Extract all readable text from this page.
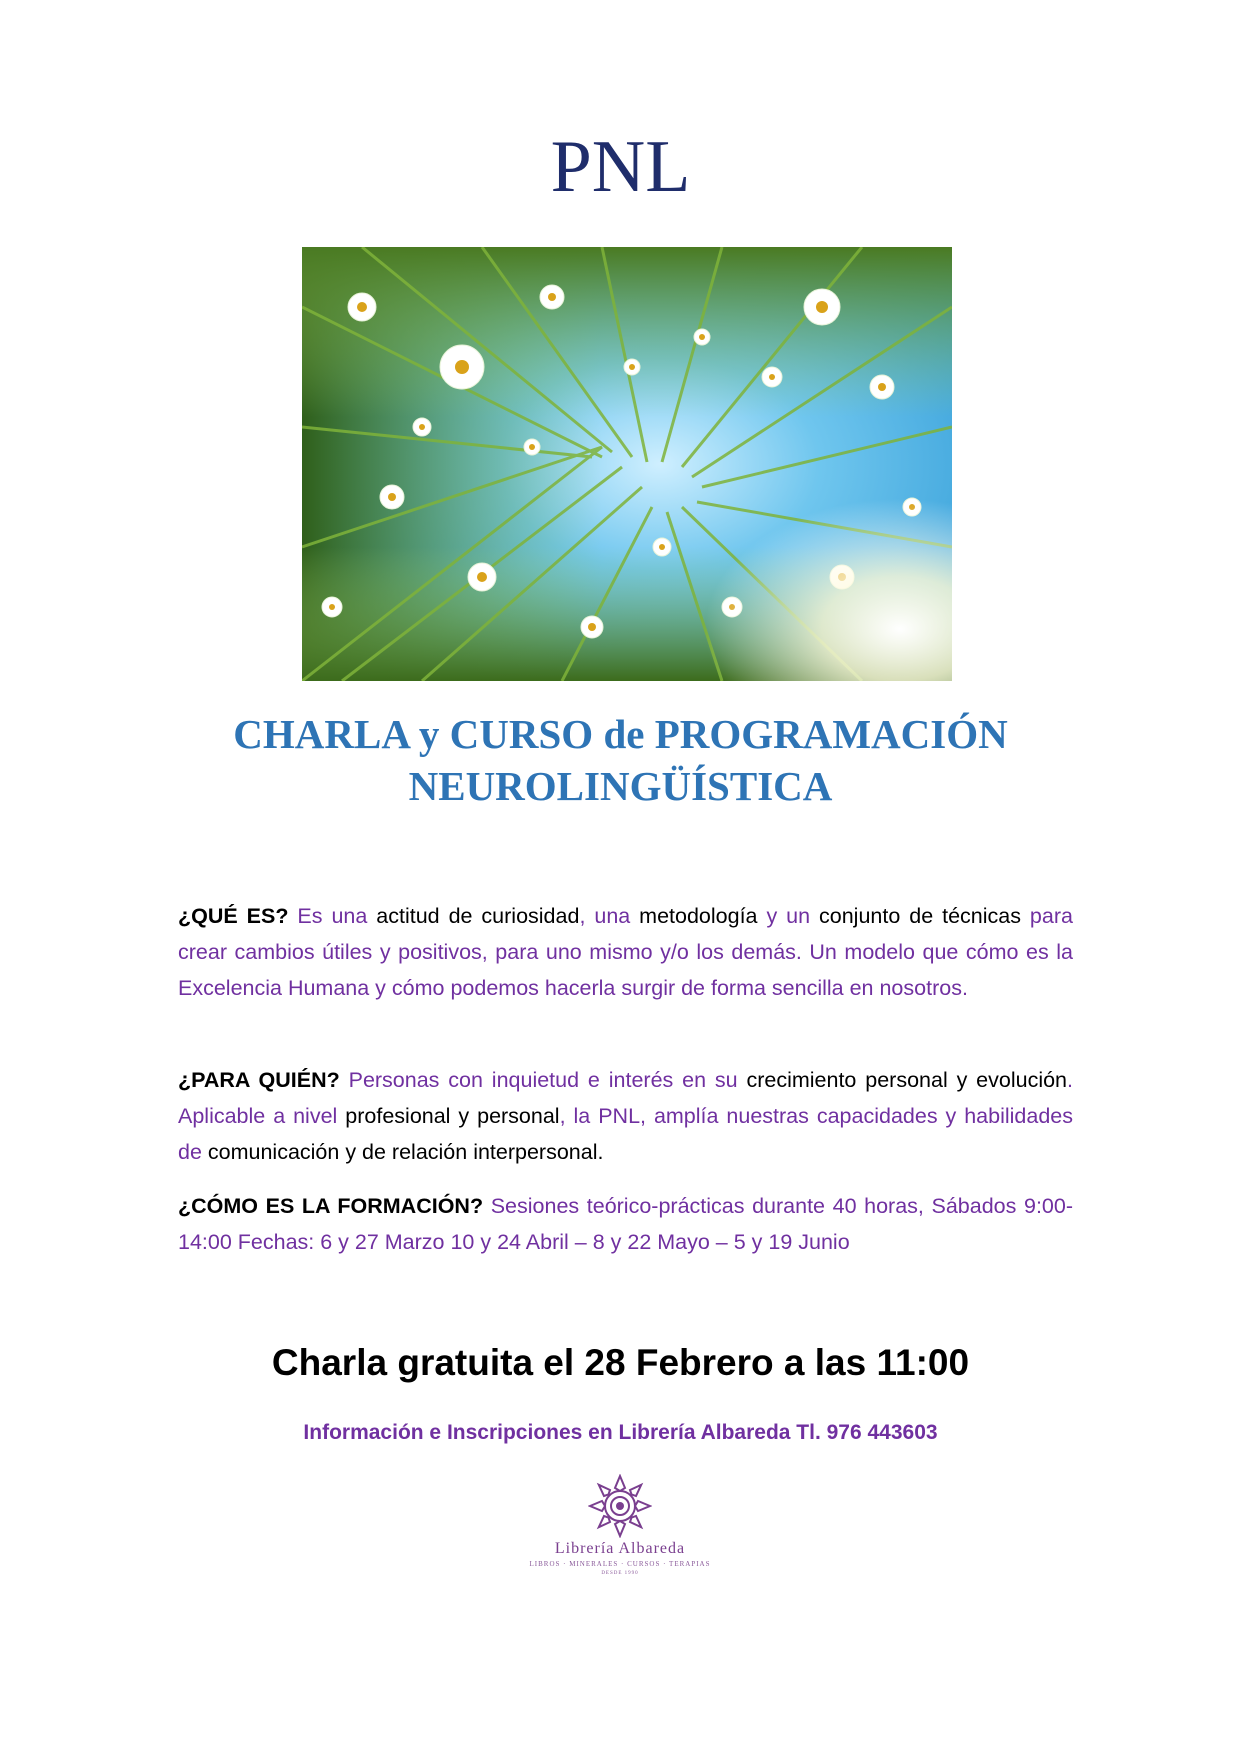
PNL
CHARLA y CURSO de PROGRAMACIÓN
NEUROLINGÜÍSTICA
¿QUÉ ES? Es una actitud de curiosidad, una metodología y un conjunto de técnicas para crear cambios útiles y positivos, para uno mismo y/o los demás. Un modelo que cómo es la Excelencia Humana y cómo podemos hacerla surgir de forma sencilla en nosotros.
¿PARA QUIÉN? Personas con inquietud e interés en su crecimiento personal y evolución. Aplicable a nivel profesional y personal, la PNL, amplía nuestras capacidades y habilidades de comunicación y de relación interpersonal.
¿CÓMO ES LA FORMACIÓN? Sesiones teórico-prácticas durante 40 horas, Sábados 9:00-14:00 Fechas: 6 y 27 Marzo 10 y 24 Abril – 8 y 22 Mayo – 5 y 19 Junio
Charla gratuita el 28 Febrero a las 11:00
Información e Inscripciones en Librería Albareda Tl. 976 443603
Librería Albareda
LIBROS · MINERALES · CURSOS · TERAPIAS
DESDE 1990
